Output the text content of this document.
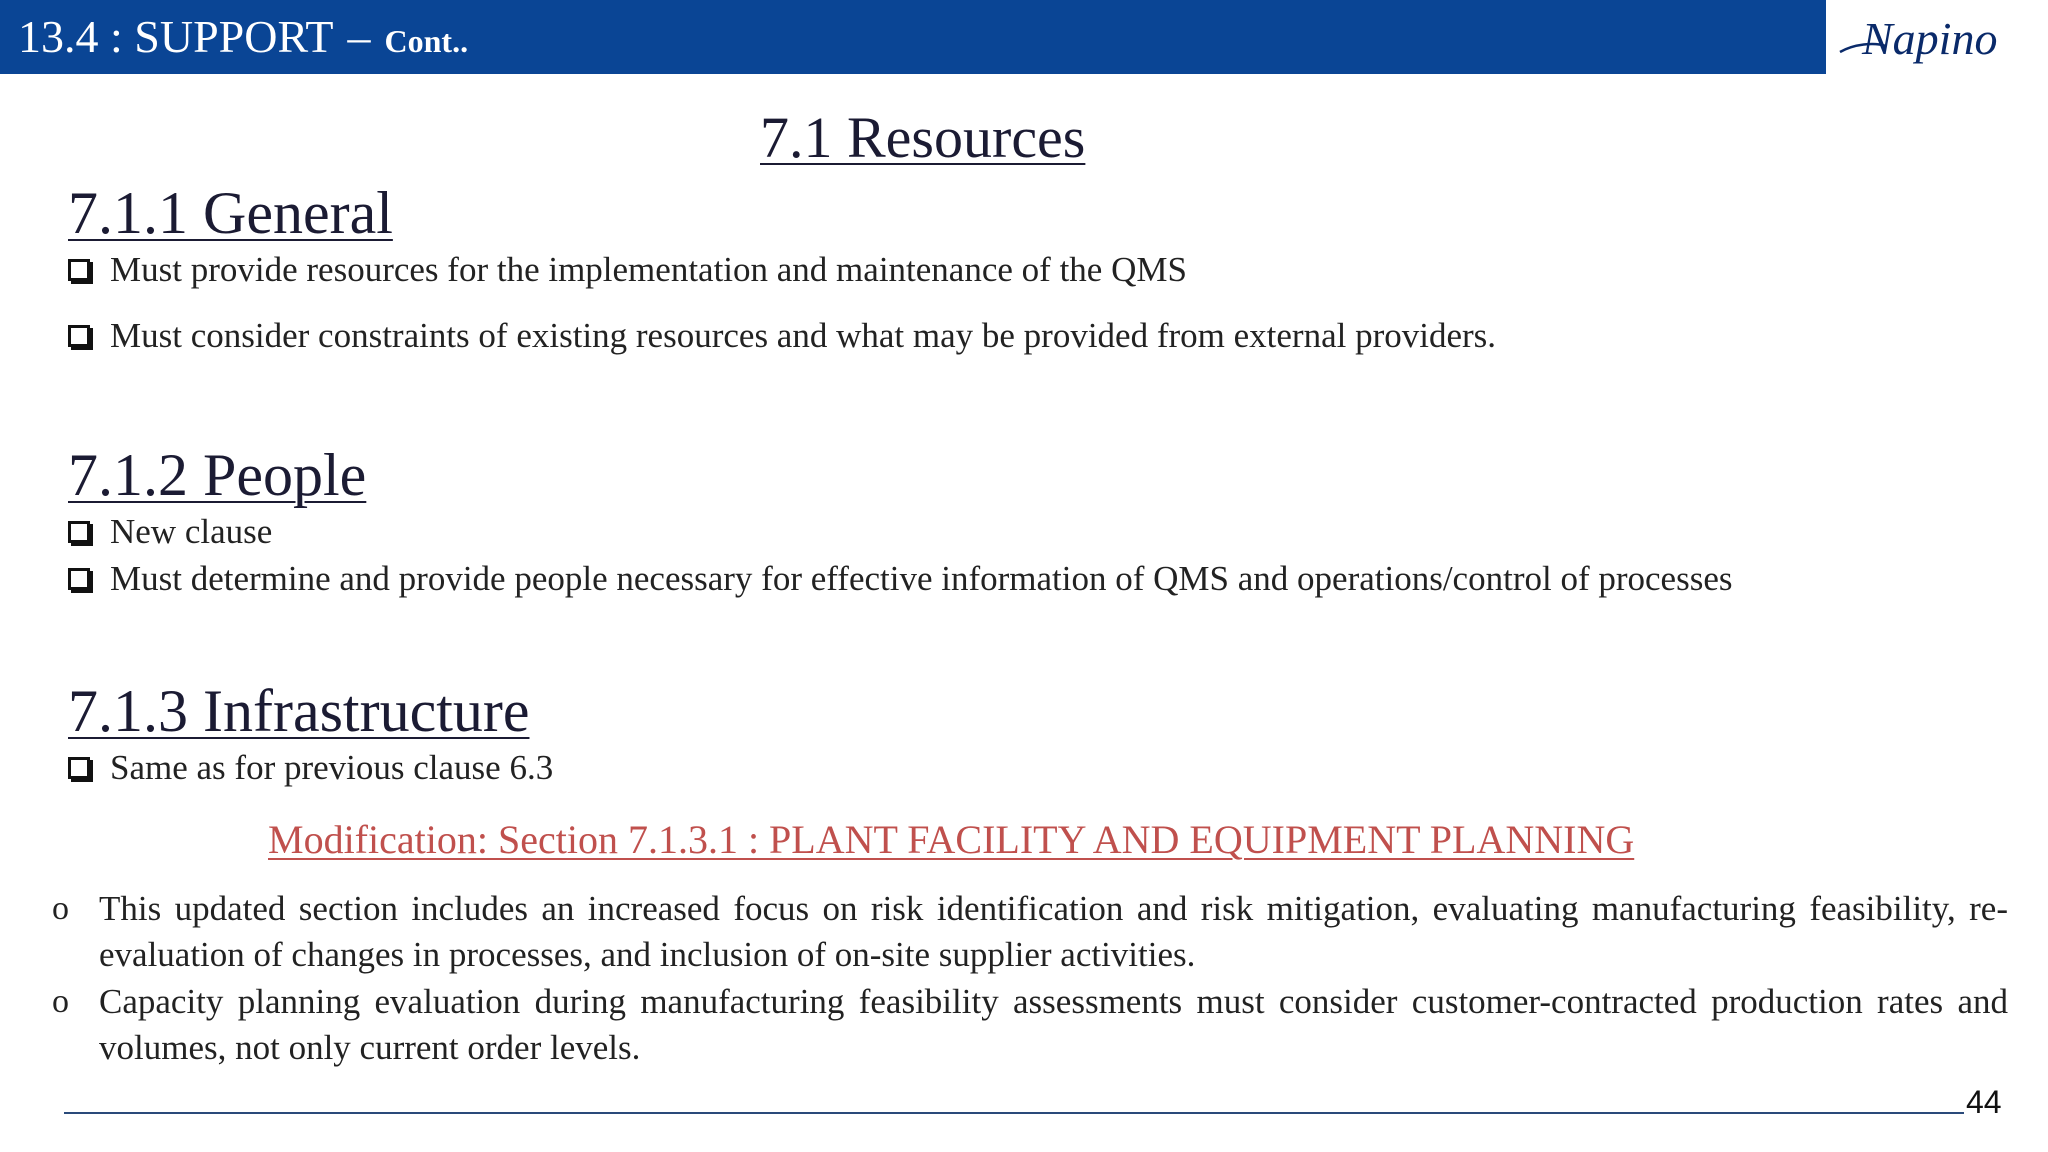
13.4 : SUPPORT – Cont..	Napino
7.1 Resources
7.1.1 General
Must provide resources for the implementation and maintenance of the QMS
Must consider constraints of existing resources and what may be provided from external providers.
7.1.2 People
New clause
Must determine and provide people necessary for effective information of QMS and operations/control of processes
7.1.3 Infrastructure
Same as for previous clause 6.3
Modification: Section 7.1.3.1 : PLANT FACILITY AND EQUIPMENT PLANNING
o This updated section includes an increased focus on risk identification and risk mitigation, evaluating manufacturing feasibility, re-evaluation of changes in processes, and inclusion of on-site supplier activities.
o Capacity planning evaluation during manufacturing feasibility assessments must consider customer-contracted production rates and volumes, not only current order levels.
44
